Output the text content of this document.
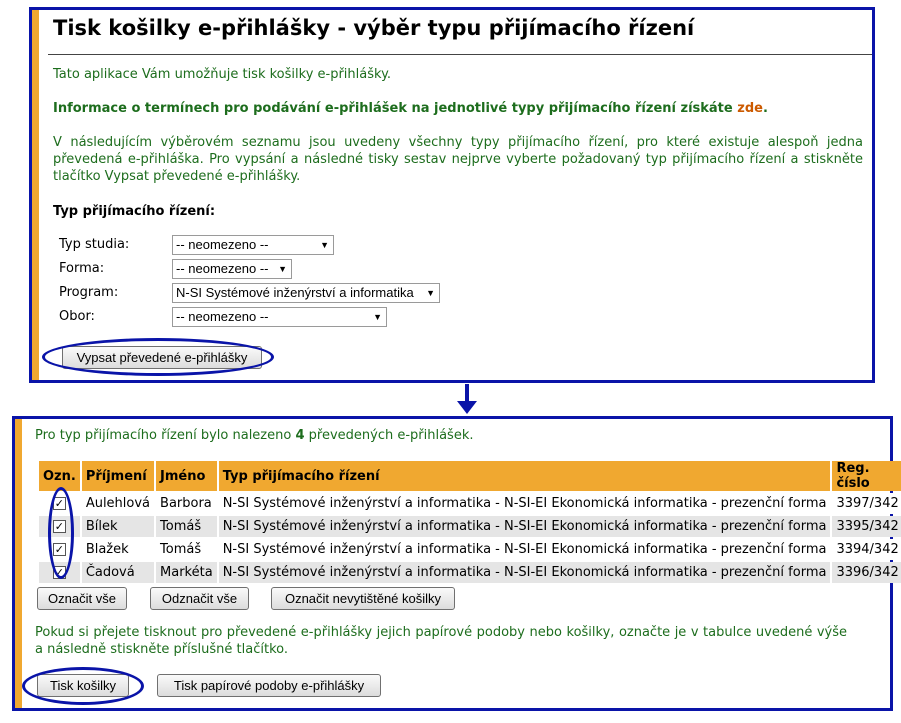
Tisk košilky e-přihlášky - výběr typu přijímacího řízení
Tato aplikace Vám umožňuje tisk košilky e-přihlášky.
Informace o termínech pro podávání e-přihlášek na jednotlivé typy přijímacího řízení získáte zde.
V následujícím výběrovém seznamu jsou uvedeny všechny typy přijímacího řízení, pro které existuje alespoň jedna převedená e-přihláška. Pro vypsání a následné tisky sestav nejprve vyberte požadovaný typ přijímacího řízení a stiskněte tlačítko Vypsat převedené e-přihlášky.
Typ přijímacího řízení:
Typ studia:	-- neomezeno --	▼
Forma:	-- neomezeno -- ▼
Program:	N-SI Systémové inženýrství a informatika ▼
Obor:	-- neomezeno --	▼
Vypsat převedené e-přihlášky
Pro typ přijímacího řízení bylo nalezeno 4 převedených e-přihlášek.
Ozn.	Příjmení	Jméno	Typ přijímacího řízení	Reg. číslo
✓	Aulehlová	Barbora	N-SI Systémové inženýrství a informatika - N-SI-EI Ekonomická informatika - prezenční forma	3397/342
✓	Bílek	Tomáš	N-SI Systémové inženýrství a informatika - N-SI-EI Ekonomická informatika - prezenční forma	3395/342
✓	Blažek	Tomáš	N-SI Systémové inženýrství a informatika - N-SI-EI Ekonomická informatika - prezenční forma	3394/342
✓	Čadová	Markéta	N-SI Systémové inženýrství a informatika - N-SI-EI Ekonomická informatika - prezenční forma	3396/342
Označit vše	Odznačit vše	Označit nevytištěné košilky
Pokud si přejete tisknout pro převedené e-přihlášky jejich papírové podoby nebo košilky, označte je v tabulce uvedené výše a následně stiskněte příslušné tlačítko.
Tisk košilky	Tisk papírové podoby e-přihlášky
